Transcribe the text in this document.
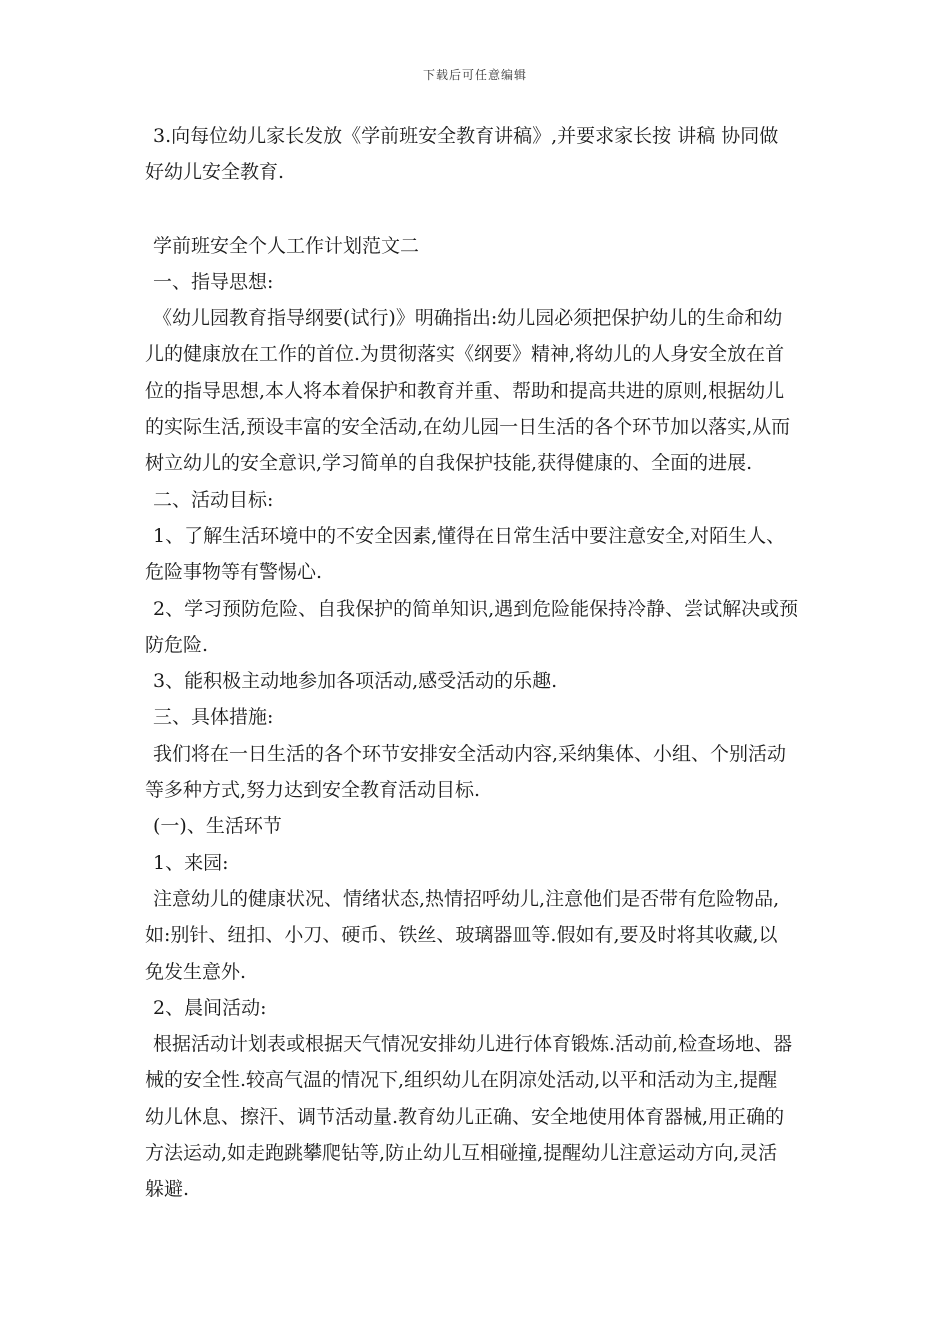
下载后可任意编辑
3.向每位幼儿家长发放《学前班安全教育讲稿》,并要求家长按 讲稿 协同做
好幼儿安全教育.
学前班安全个人工作计划范文二
一、指导思想:
《幼儿园教育指导纲要(试行)》明确指出:幼儿园必须把保护幼儿的生命和幼
儿的健康放在工作的首位.为贯彻落实《纲要》精神,将幼儿的人身安全放在首
位的指导思想,本人将本着保护和教育并重、帮助和提高共进的原则,根据幼儿
的实际生活,预设丰富的安全活动,在幼儿园一日生活的各个环节加以落实,从而
树立幼儿的安全意识,学习简单的自我保护技能,获得健康的、全面的进展.
二、活动目标:
1、了解生活环境中的不安全因素,懂得在日常生活中要注意安全,对陌生人、
危险事物等有警惕心.
2、学习预防危险、自我保护的简单知识,遇到危险能保持冷静、尝试解决或预
防危险.
3、能积极主动地参加各项活动,感受活动的乐趣.
三、具体措施:
我们将在一日生活的各个环节安排安全活动内容,采纳集体、小组、个别活动
等多种方式,努力达到安全教育活动目标.
(一)、生活环节
1、来园:
注意幼儿的健康状况、情绪状态,热情招呼幼儿,注意他们是否带有危险物品,
如:别针、纽扣、小刀、硬币、铁丝、玻璃器皿等.假如有,要及时将其收藏,以
免发生意外.
2、晨间活动:
根据活动计划表或根据天气情况安排幼儿进行体育锻炼.活动前,检查场地、器
械的安全性.较高气温的情况下,组织幼儿在阴凉处活动,以平和活动为主,提醒
幼儿休息、擦汗、调节活动量.教育幼儿正确、安全地使用体育器械,用正确的
方法运动,如走跑跳攀爬钻等,防止幼儿互相碰撞,提醒幼儿注意运动方向,灵活
躲避.
